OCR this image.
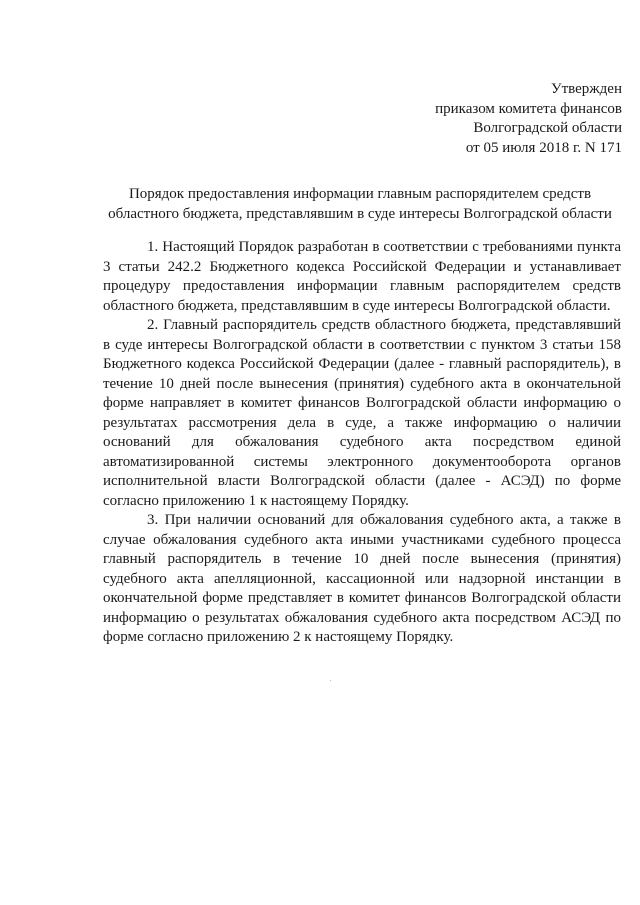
Утвержден
приказом комитета финансов
Волгоградской области
от 05 июля 2018 г. N 171
Порядок предоставления информации главным распорядителем средств
областного бюджета, представлявшим в суде интересы Волгоградской области

1. Настоящий Порядок разработан в соответствии с требованиями пункта 3 статьи 242.2 Бюджетного кодекса Российской Федерации и устанавливает процедуру предоставления информации главным распорядителем средств областного бюджета, представлявшим в суде интересы Волгоградской области.

2. Главный распорядитель средств областного бюджета, представлявший в суде интересы Волгоградской области в соответствии с пунктом 3 статьи 158 Бюджетного кодекса Российской Федерации (далее - главный распорядитель), в течение 10 дней после вынесения (принятия) судебного акта в окончательной форме направляет в комитет финансов Волгоградской области информацию о результатах рассмотрения дела в суде, а также информацию о наличии оснований для обжалования судебного акта посредством единой автоматизированной системы электронного документооборота органов исполнительной власти Волгоградской области (далее - АСЭД) по форме согласно приложению 1 к настоящему Порядку.

3. При наличии оснований для обжалования судебного акта, а также в случае обжалования судебного акта иными участниками судебного процесса главный распорядитель в течение 10 дней после вынесения (принятия) судебного акта апелляционной, кассационной или надзорной инстанции в окончательной форме представляет в комитет финансов Волгоградской области информацию о результатах обжалования судебного акта посредством АСЭД по форме согласно приложению 2 к настоящему Порядку.
